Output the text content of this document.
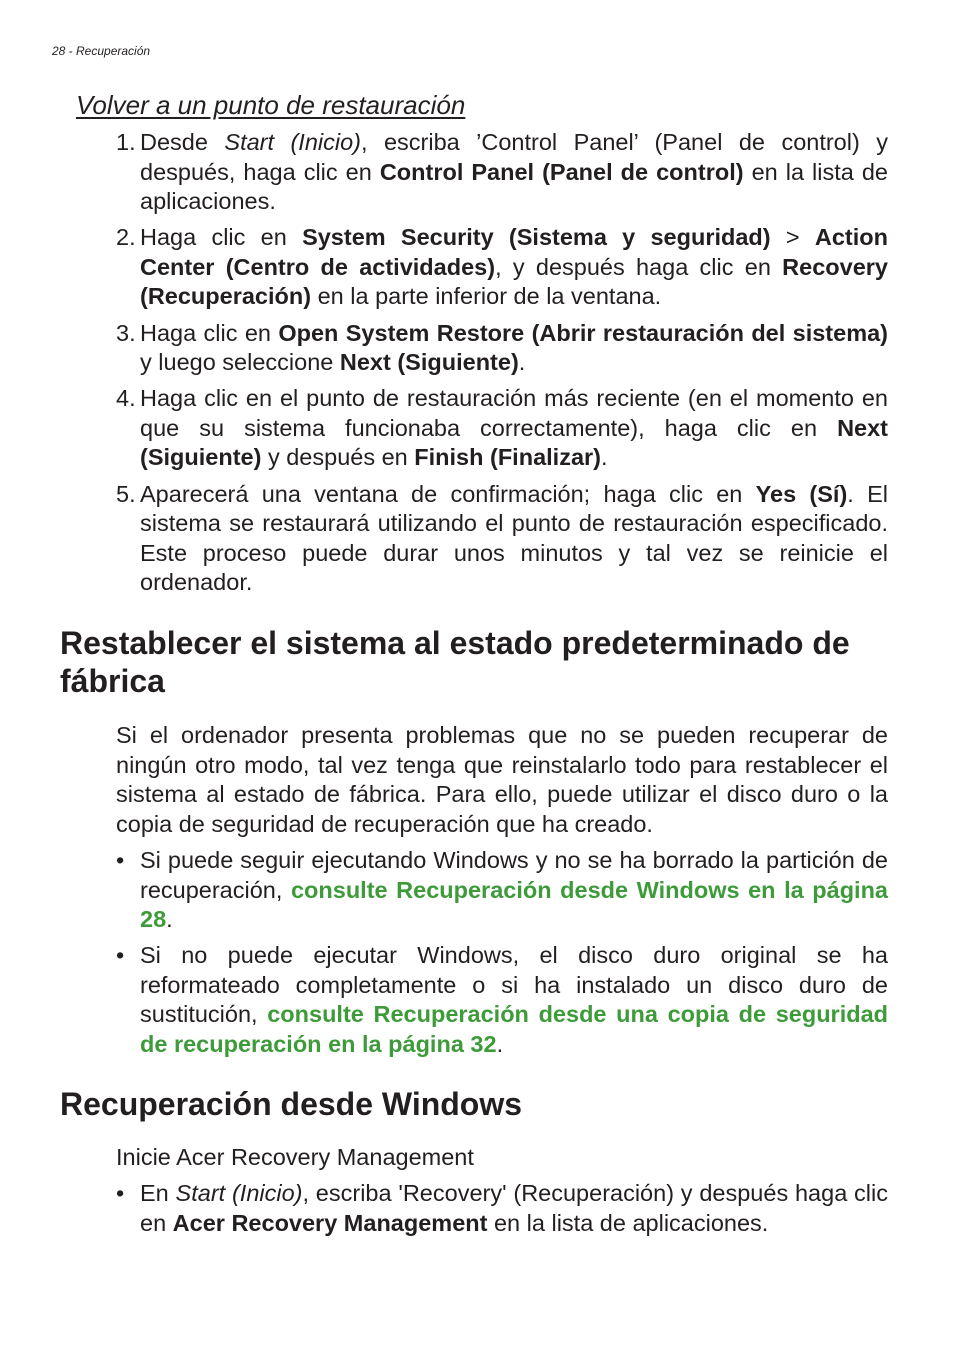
28 - Recuperación
Volver a un punto de restauración
1. Desde Start (Inicio), escriba ’Control Panel’ (Panel de control) y después, haga clic en Control Panel (Panel de control) en la lista de aplicaciones.
2. Haga clic en System Security (Sistema y seguridad) > Action Center (Centro de actividades), y después haga clic en Recovery (Recuperación) en la parte inferior de la ventana.
3. Haga clic en Open System Restore (Abrir restauración del sistema) y luego seleccione Next (Siguiente).
4. Haga clic en el punto de restauración más reciente (en el momento en que su sistema funcionaba correctamente), haga clic en Next (Siguiente) y después en Finish (Finalizar).
5. Aparecerá una ventana de confirmación; haga clic en Yes (Sí). El sistema se restaurará utilizando el punto de restauración especificado. Este proceso puede durar unos minutos y tal vez se reinicie el ordenador.
Restablecer el sistema al estado predeterminado de
fábrica

Si el ordenador presenta problemas que no se pueden recuperar de ningún otro modo, tal vez tenga que reinstalarlo todo para restablecer el sistema al estado de fábrica. Para ello, puede utilizar el disco duro o la copia de seguridad de recuperación que ha creado.

• Si puede seguir ejecutando Windows y no se ha borrado la partición de recuperación, consulte Recuperación desde Windows en la página 28.
• Si no puede ejecutar Windows, el disco duro original se ha reformateado completamente o si ha instalado un disco duro de sustitución, consulte Recuperación desde una copia de seguridad de recuperación en la página 32.
Recuperación desde Windows

Inicie Acer Recovery Management

• En Start (Inicio), escriba 'Recovery' (Recuperación) y después haga clic en Acer Recovery Management en la lista de aplicaciones.
